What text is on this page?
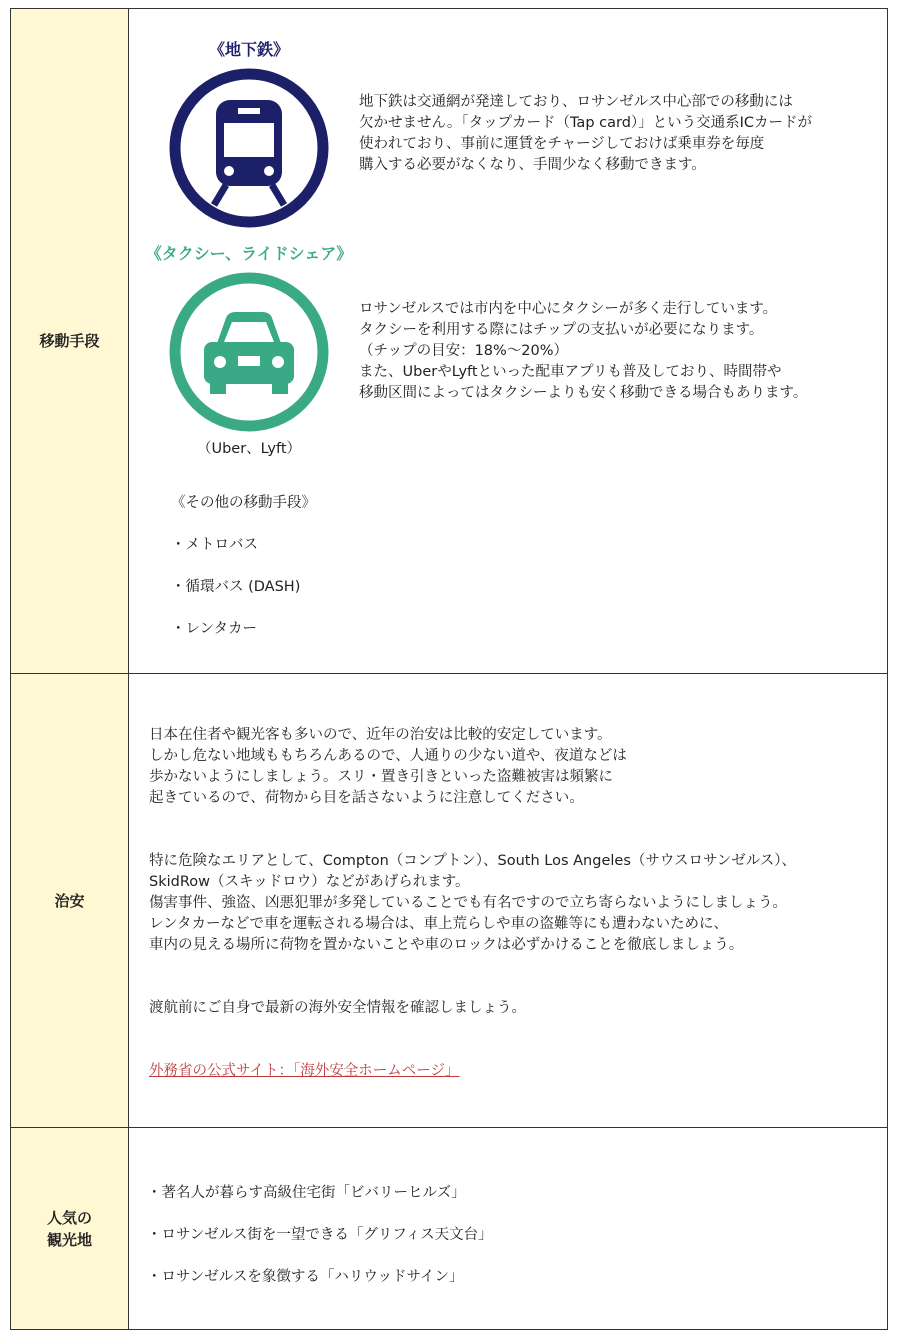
移動手段
《地下鉄》
地下鉄は交通網が発達しており、ロサンゼルス中心部での移動には
欠かせません。「タップカード（Tap card）」という交通系ICカードが
使われており、事前に運賃をチャージしておけば乗車券を毎度
購入する必要がなくなり、手間少なく移動できます。
《タクシー、ライドシェア》
（Uber、Lyft）
ロサンゼルスでは市内を中心にタクシーが多く走行しています。
タクシーを利用する際にはチップの支払いが必要になります。
（チップの目安：18%～20%）
また、UberやLyftといった配車アプリも普及しており、時間帯や
移動区間によってはタクシーよりも安く移動できる場合もあります。

《その他の移動手段》

・メトロバス

・循環バス (DASH)

・レンタカー

治安

日本在住者や観光客も多いので、近年の治安は比較的安定しています。
しかし危ない地域ももちろんあるので、人通りの少ない道や、夜道などは
歩かないようにしましょう。スリ・置き引きといった盗難被害は頻繁に
起きているので、荷物から目を話さないように注意してください。

特に危険なエリアとして、Compton（コンプトン）、South Los Angeles（サウスロサンゼルス）、
SkidRow（スキッドロウ）などがあげられます。
傷害事件、強盗、凶悪犯罪が多発していることでも有名ですので立ち寄らないようにしましょう。
レンタカーなどで車を運転される場合は、車上荒らしや車の盗難等にも遭わないために、
車内の見える場所に荷物を置かないことや車のロックは必ずかけることを徹底しましょう。

渡航前にご自身で最新の海外安全情報を確認しましょう。

外務省の公式サイト：「海外安全ホームページ」

人気の
観光地

・著名人が暮らす高級住宅街「ビバリーヒルズ」

・ロサンゼルス街を一望できる「グリフィス天文台」

・ロサンゼルスを象徴する「ハリウッドサイン」
